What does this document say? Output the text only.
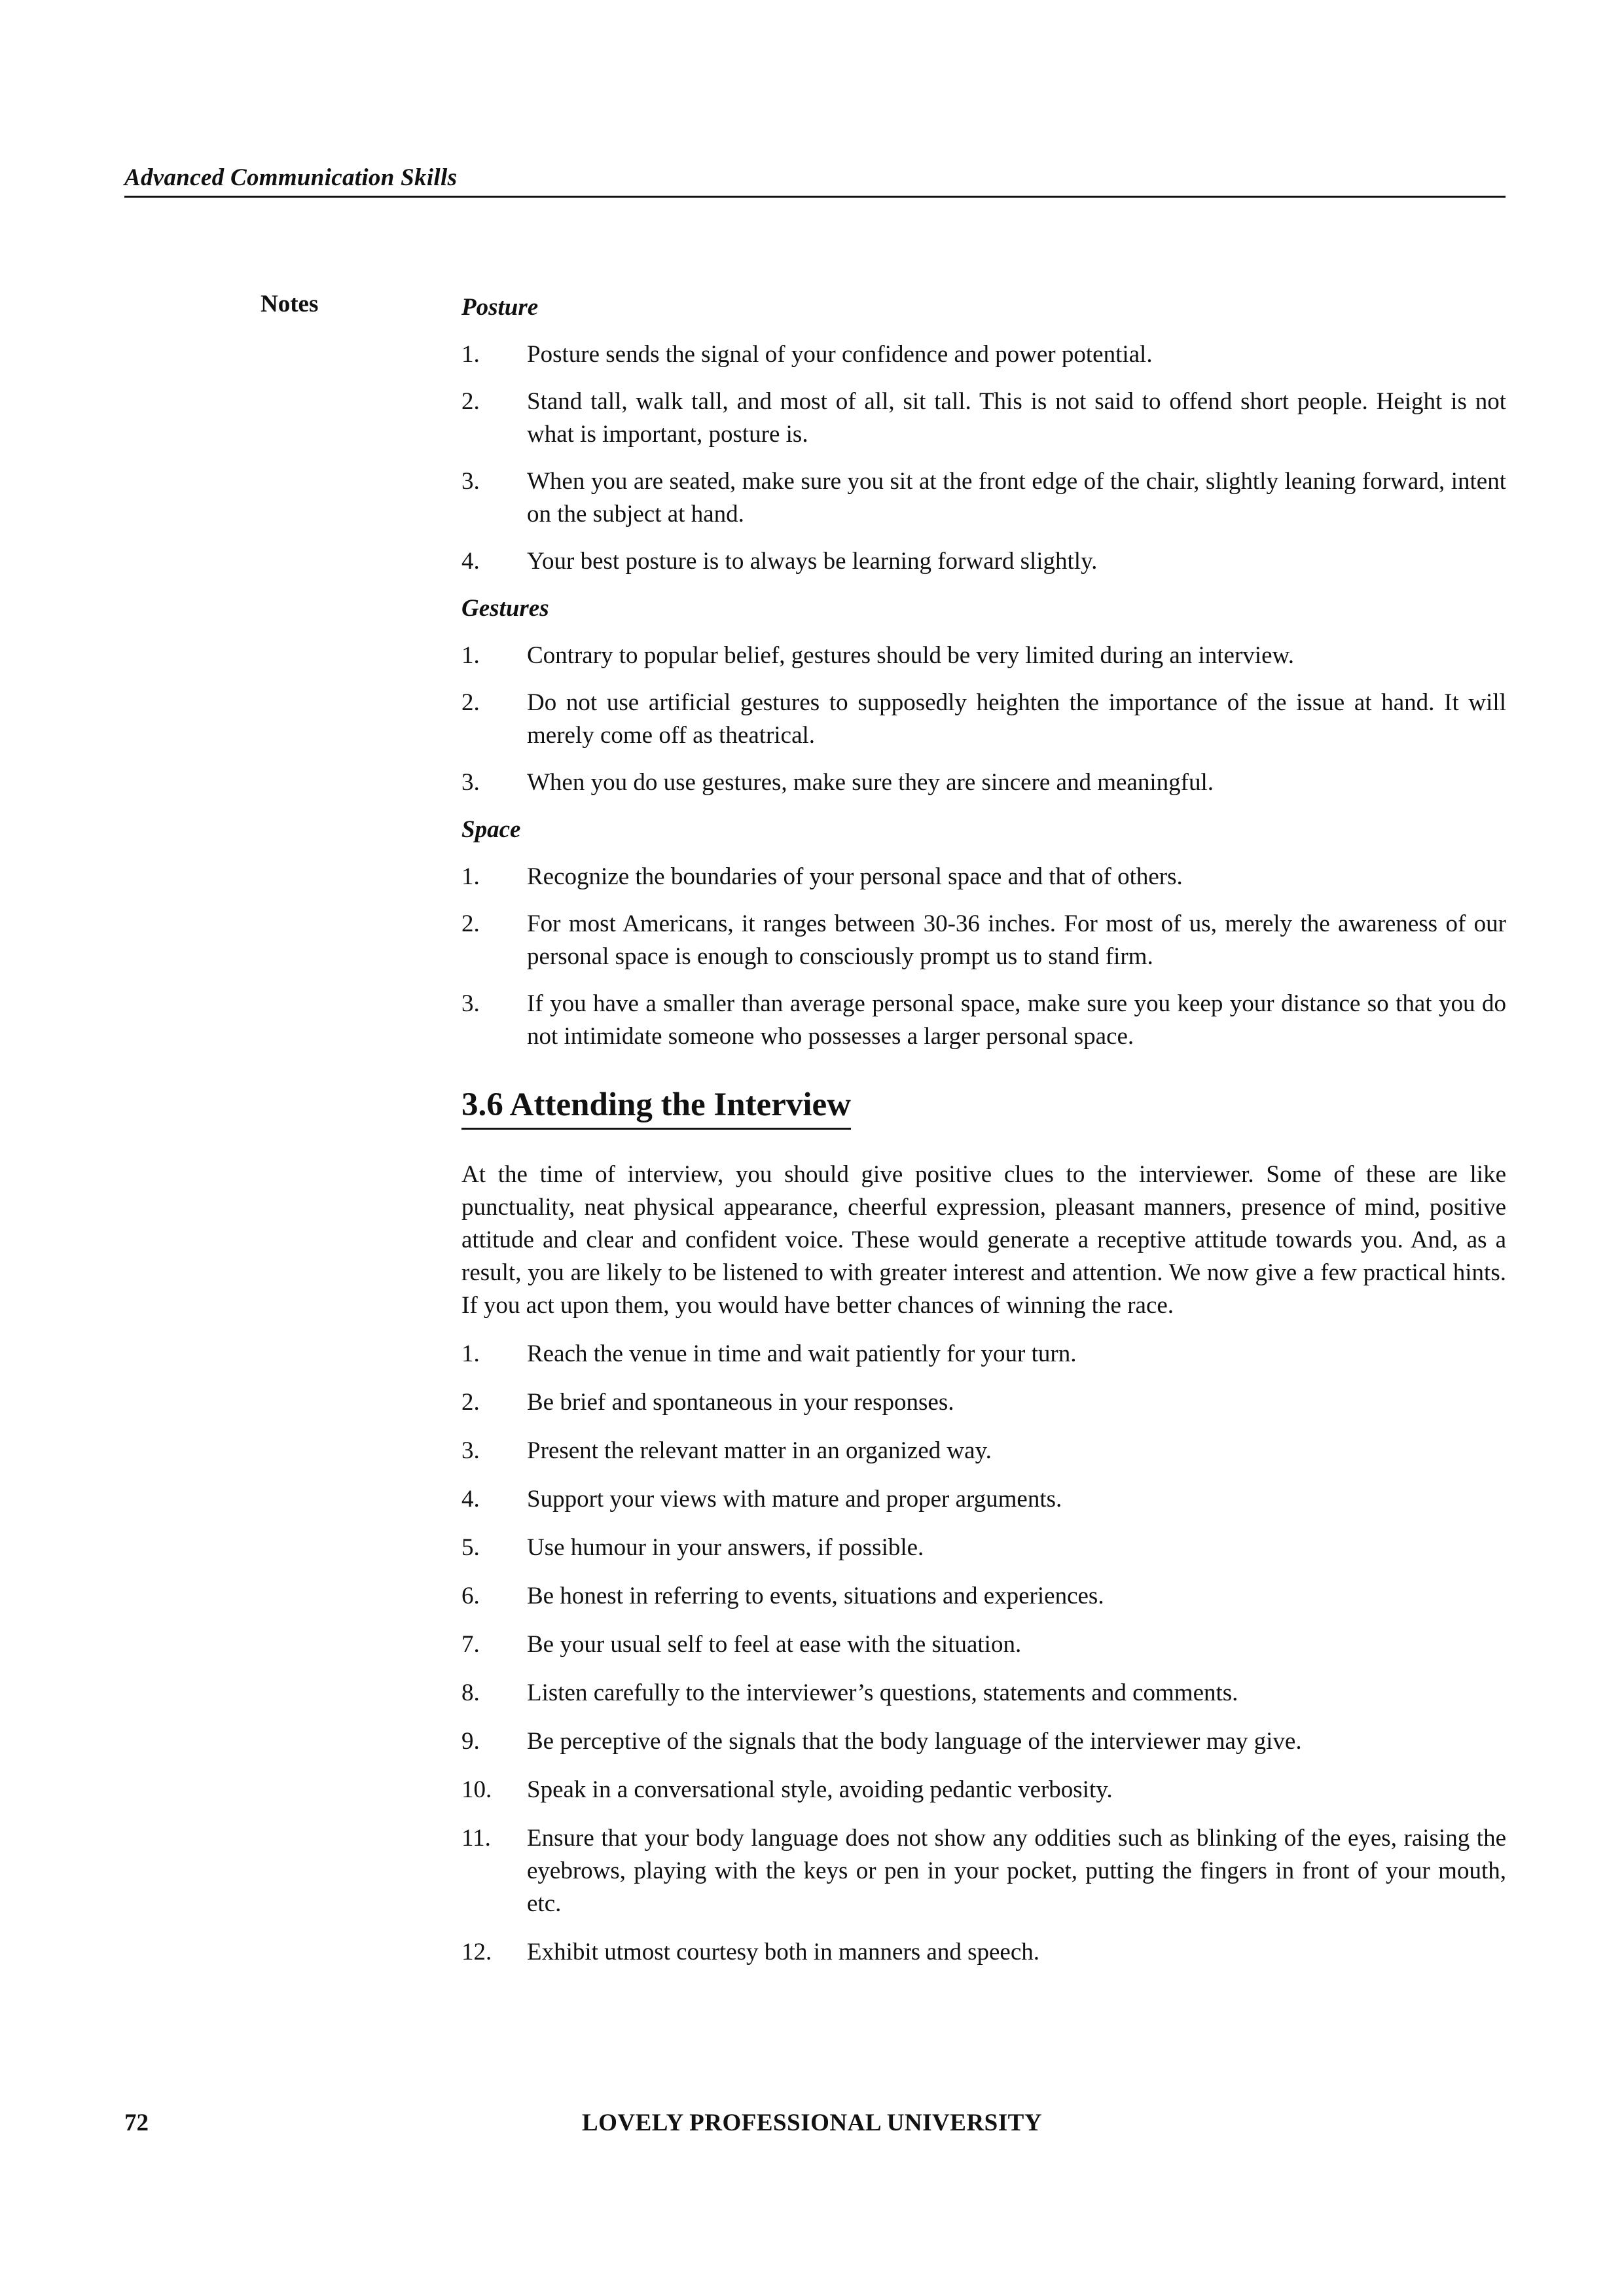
Advanced Communication Skills
Notes	Posture
1. Posture sends the signal of your confidence and power potential.
2. Stand tall, walk tall, and most of all, sit tall. This is not said to offend short people. Height is not what is important, posture is.
3. When you are seated, make sure you sit at the front edge of the chair, slightly leaning forward, intent on the subject at hand.
4. Your best posture is to always be learning forward slightly.
Gestures
1. Contrary to popular belief, gestures should be very limited during an interview.
2. Do not use artificial gestures to supposedly heighten the importance of the issue at hand. It will merely come off as theatrical.
3. When you do use gestures, make sure they are sincere and meaningful.
Space
1. Recognize the boundaries of your personal space and that of others.
2. For most Americans, it ranges between 30-36 inches. For most of us, merely the awareness of our personal space is enough to consciously prompt us to stand firm.
3. If you have a smaller than average personal space, make sure you keep your distance so that you do not intimidate someone who possesses a larger personal space.
3.6 Attending the Interview

At the time of interview, you should give positive clues to the interviewer. Some of these are like punctuality, neat physical appearance, cheerful expression, pleasant manners, presence of mind, positive attitude and clear and confident voice. These would generate a receptive attitude towards you. And, as a result, you are likely to be listened to with greater interest and attention. We now give a few practical hints. If you act upon them, you would have better chances of winning the race.

1. Reach the venue in time and wait patiently for your turn.
2. Be brief and spontaneous in your responses.
3. Present the relevant matter in an organized way.
4. Support your views with mature and proper arguments.
5. Use humour in your answers, if possible.
6. Be honest in referring to events, situations and experiences.
7. Be your usual self to feel at ease with the situation.
8. Listen carefully to the interviewer’s questions, statements and comments.
9. Be perceptive of the signals that the body language of the interviewer may give.
10. Speak in a conversational style, avoiding pedantic verbosity.
11. Ensure that your body language does not show any oddities such as blinking of the eyes, raising the eyebrows, playing with the keys or pen in your pocket, putting the fingers in front of your mouth, etc.
12. Exhibit utmost courtesy both in manners and speech.
72	LOVELY PROFESSIONAL UNIVERSITY
